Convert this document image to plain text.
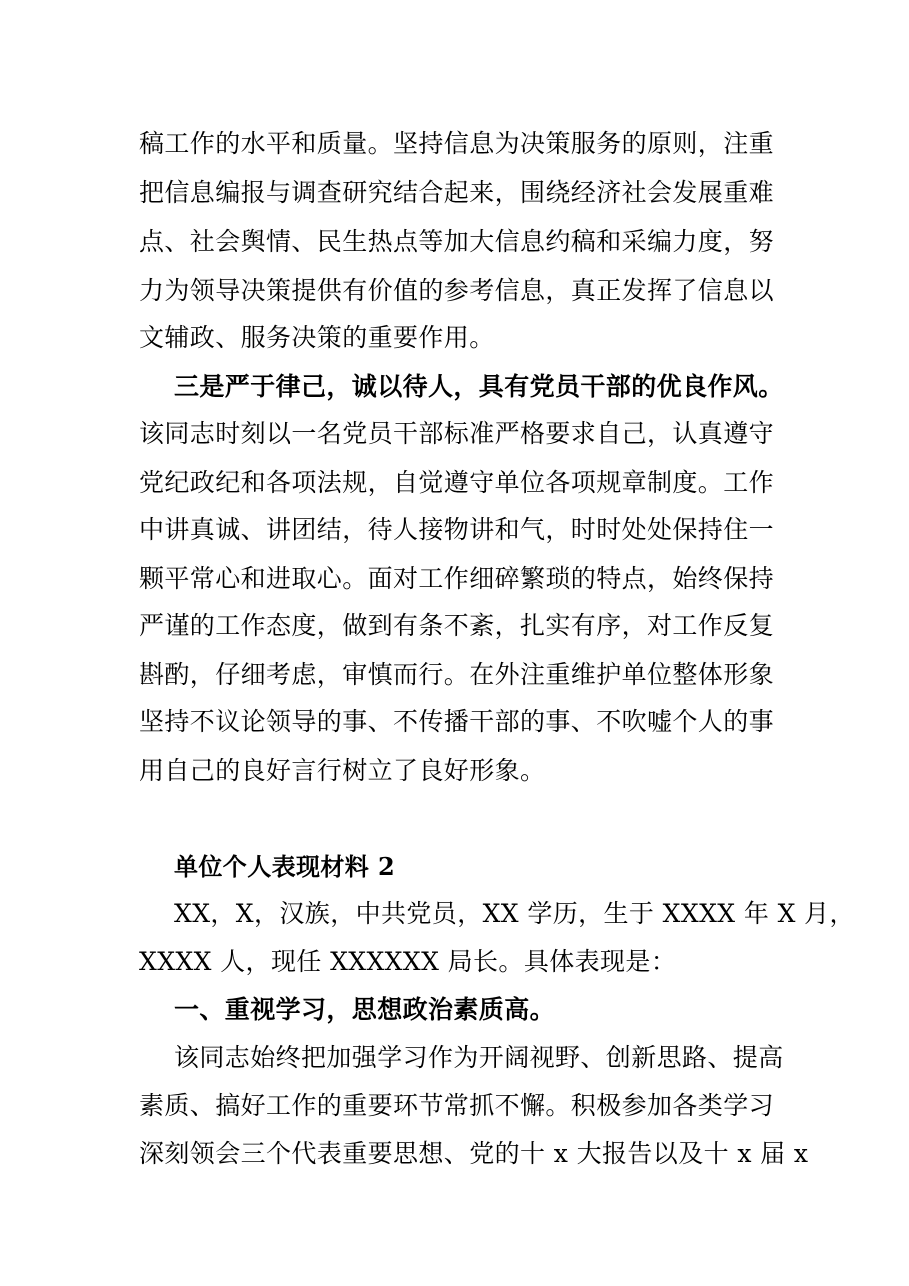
稿工作的水平和质量。坚持信息为决策服务的原则，注重
把信息编报与调查研究结合起来，围绕经济社会发展重难
点、社会舆情、民生热点等加大信息约稿和采编力度，努
力为领导决策提供有价值的参考信息，真正发挥了信息以
文辅政、服务决策的重要作用。
三是严于律己，诚以待人，具有党员干部的优良作风。
该同志时刻以一名党员干部标准严格要求自己，认真遵守
党纪政纪和各项法规，自觉遵守单位各项规章制度。工作
中讲真诚、讲团结，待人接物讲和气，时时处处保持住一
颗平常心和进取心。面对工作细碎繁琐的特点，始终保持
严谨的工作态度，做到有条不紊，扎实有序，对工作反复
斟酌，仔细考虑，审慎而行。在外注重维护单位整体形象
坚持不议论领导的事、不传播干部的事、不吹嘘个人的事
用自己的良好言行树立了良好形象。
单位个人表现材料 2
XX，X，汉族，中共党员，XX 学历，生于 XXXX 年 X 月，
XXXX 人，现任 XXXXXX 局长。具体表现是：
一、重视学习，思想政治素质高。
该同志始终把加强学习作为开阔视野、创新思路、提高
素质、搞好工作的重要环节常抓不懈。积极参加各类学习
深刻领会三个代表重要思想、党的十 x 大报告以及十 x 届 x
